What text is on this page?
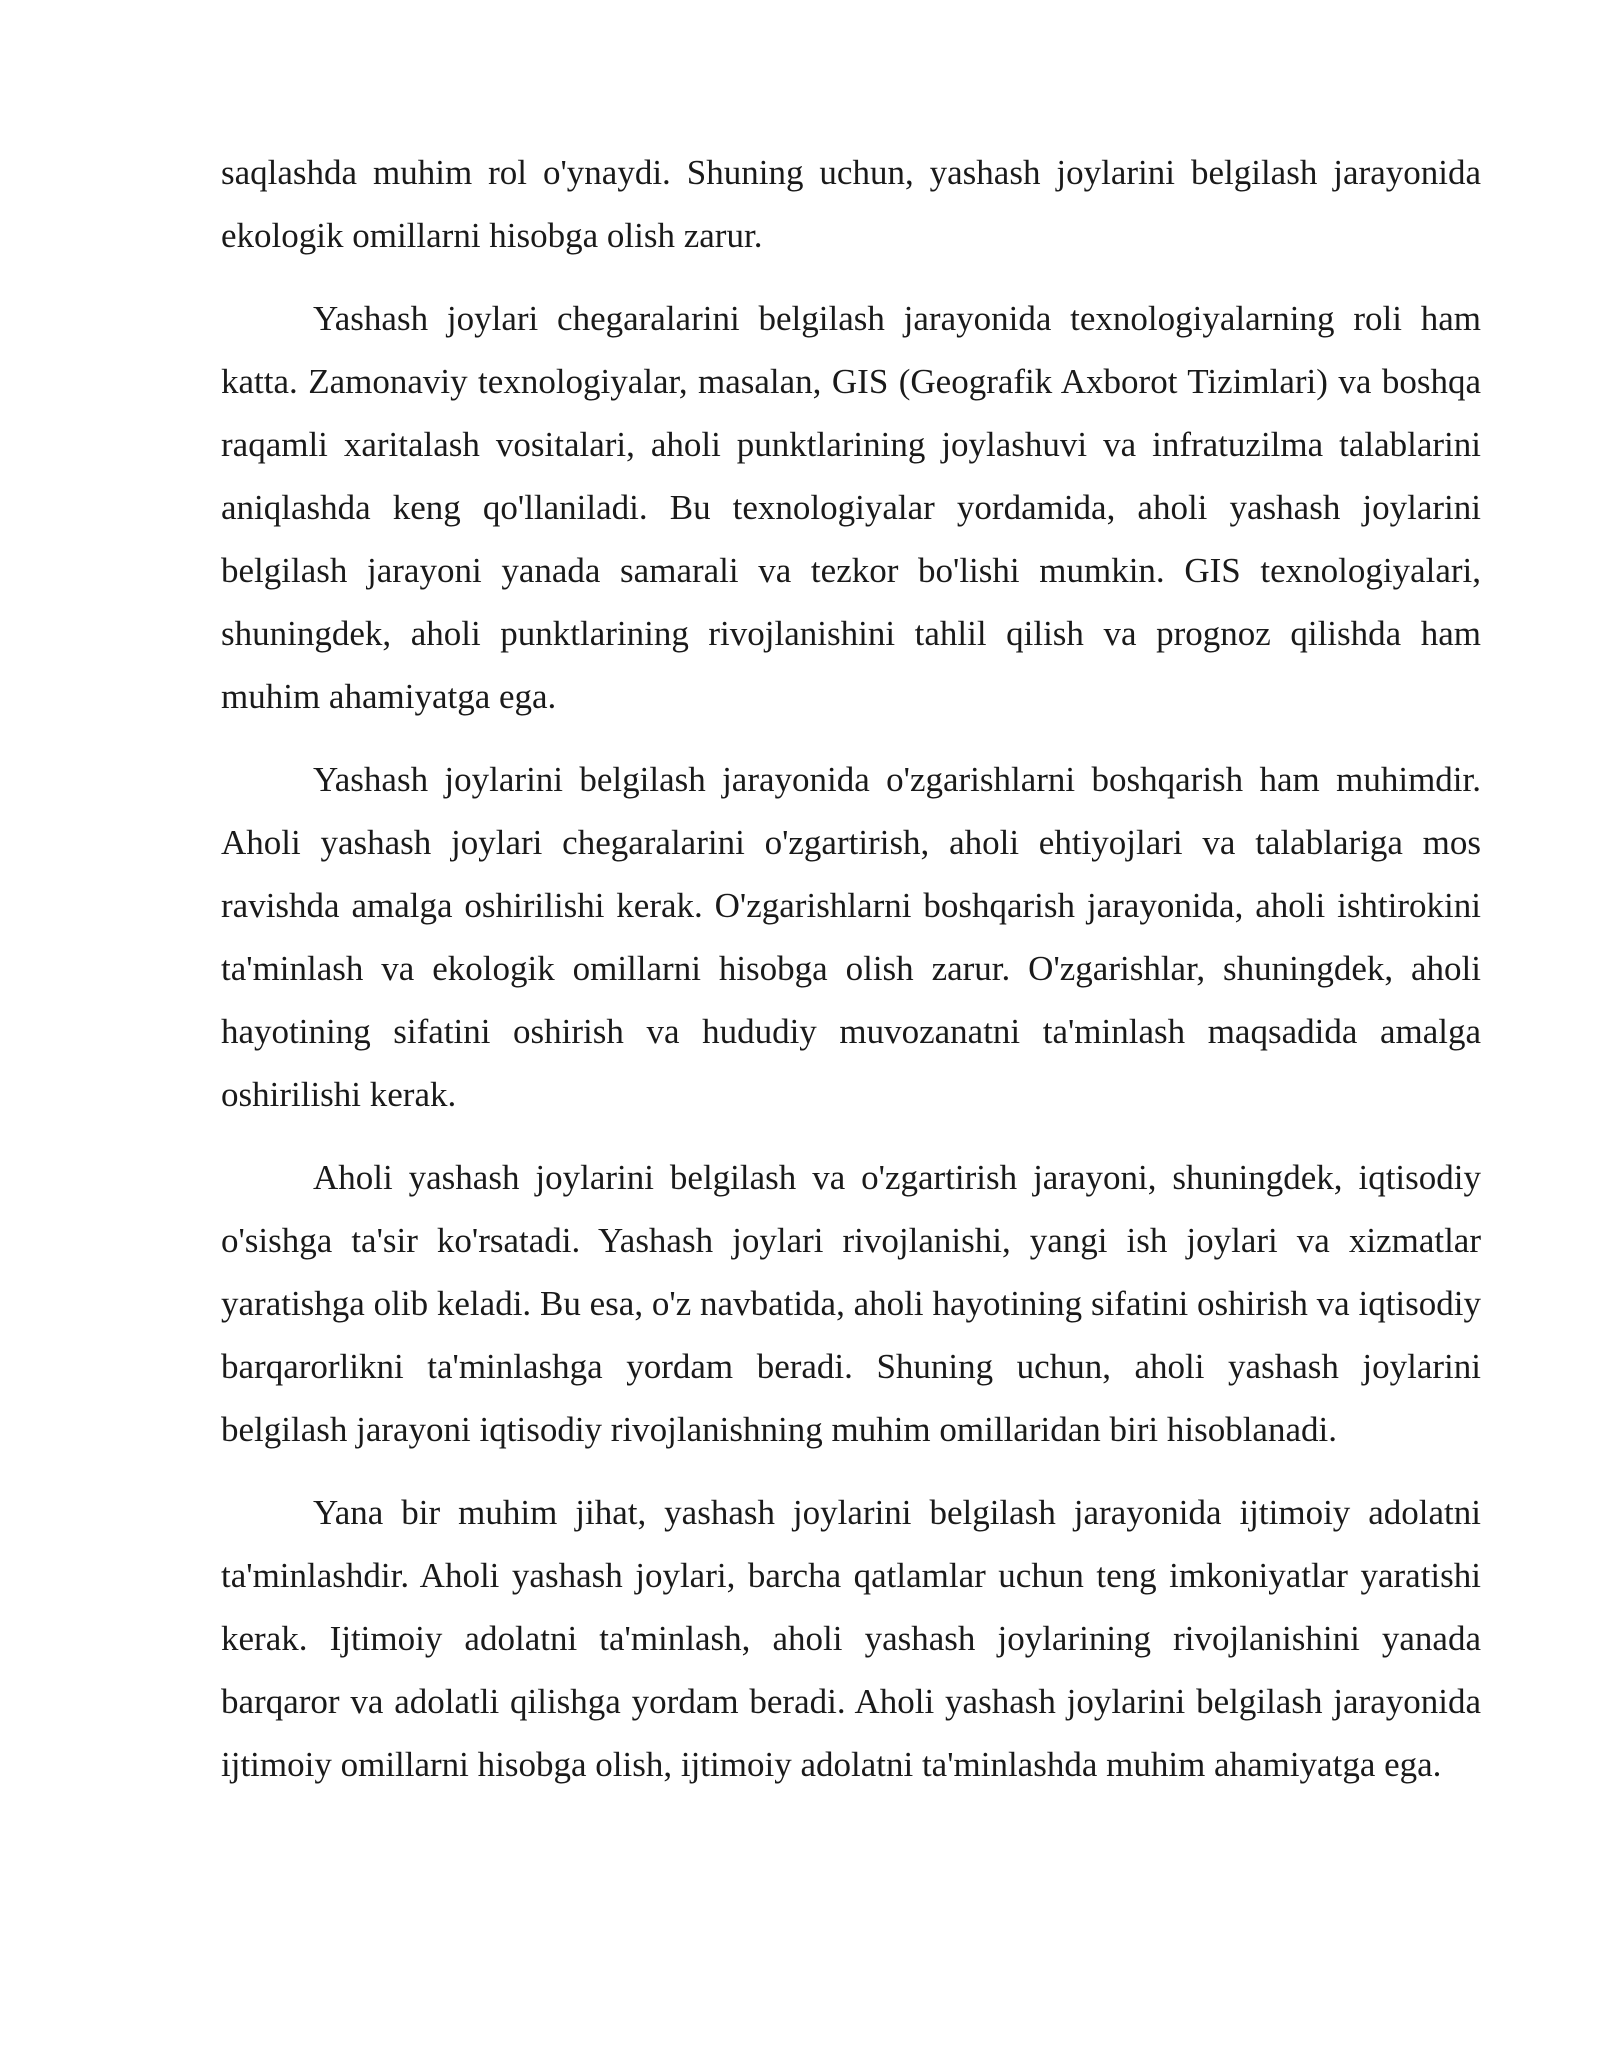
saqlashda muhim rol o'ynaydi. Shuning uchun, yashash joylarini belgilash jarayonida ekologik omillarni hisobga olish zarur.

Yashash joylari chegaralarini belgilash jarayonida texnologiyalarning roli ham katta. Zamonaviy texnologiyalar, masalan, GIS (Geografik Axborot Tizimlari) va boshqa raqamli xaritalash vositalari, aholi punktlarining joylashuvi va infratuzilma talablarini aniqlashda keng qo'llaniladi. Bu texnologiyalar yordamida, aholi yashash joylarini belgilash jarayoni yanada samarali va tezkor bo'lishi mumkin. GIS texnologiyalari, shuningdek, aholi punktlarining rivojlanishini tahlil qilish va prognoz qilishda ham muhim ahamiyatga ega.

Yashash joylarini belgilash jarayonida o'zgarishlarni boshqarish ham muhimdir. Aholi yashash joylari chegaralarini o'zgartirish, aholi ehtiyojlari va talablariga mos ravishda amalga oshirilishi kerak. O'zgarishlarni boshqarish jarayonida, aholi ishtirokini ta'minlash va ekologik omillarni hisobga olish zarur. O'zgarishlar, shuningdek, aholi hayotining sifatini oshirish va hududiy muvozanatni ta'minlash maqsadida amalga oshirilishi kerak.

Aholi yashash joylarini belgilash va o'zgartirish jarayoni, shuningdek, iqtisodiy o'sishga ta'sir ko'rsatadi. Yashash joylari rivojlanishi, yangi ish joylari va xizmatlar yaratishga olib keladi. Bu esa, o'z navbatida, aholi hayotining sifatini oshirish va iqtisodiy barqarorlikni ta'minlashga yordam beradi. Shuning uchun, aholi yashash joylarini belgilash jarayoni iqtisodiy rivojlanishning muhim omillaridan biri hisoblanadi.

Yana bir muhim jihat, yashash joylarini belgilash jarayonida ijtimoiy adolatni ta'minlashdir. Aholi yashash joylari, barcha qatlamlar uchun teng imkoniyatlar yaratishi kerak. Ijtimoiy adolatni ta'minlash, aholi yashash joylarining rivojlanishini yanada barqaror va adolatli qilishga yordam beradi. Aholi yashash joylarini belgilash jarayonida ijtimoiy omillarni hisobga olish, ijtimoiy adolatni ta'minlashda muhim ahamiyatga ega.
